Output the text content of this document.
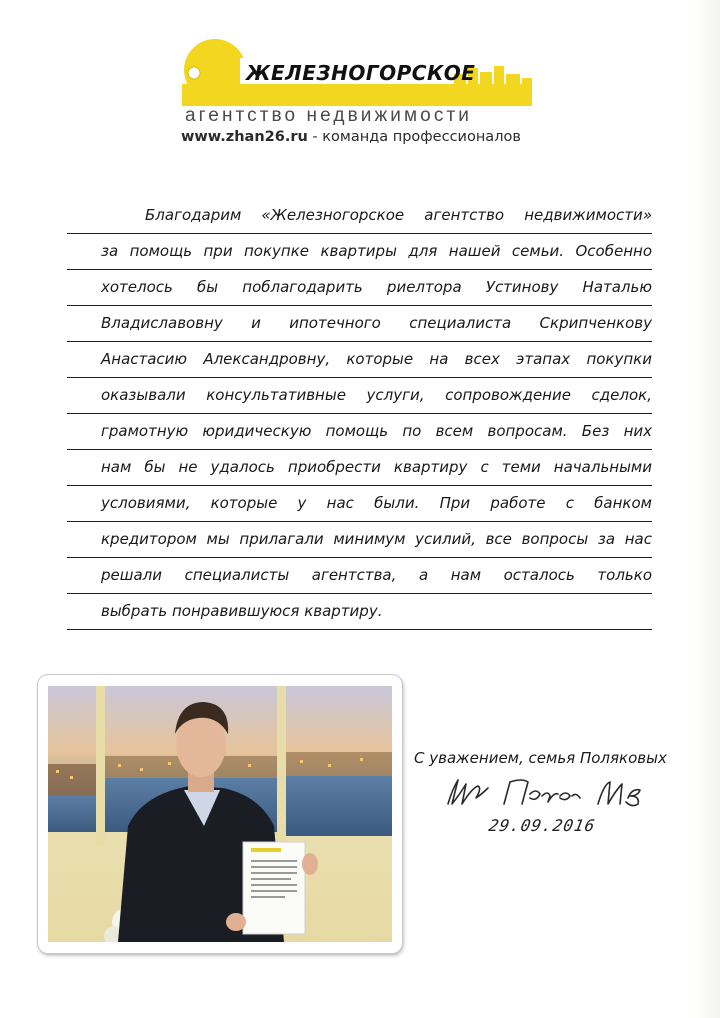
ЖЕЛЕЗНОГОРСКОЕ
агентство недвижимости
www.zhan26.ru - команда профессионалов
Благодарим «Железногорское агентство недвижимости»
за помощь при покупке квартиры для нашей семьи. Особенно
хотелось бы поблагодарить риелтора Устинову Наталью
Владиславовну и ипотечного специалиста Скрипченкову
Анастасию Александровну, которые на всех этапах покупки
оказывали консультативные услуги, сопровождение сделок,
грамотную юридическую помощь по всем вопросам. Без них
нам бы не удалось приобрести квартиру с теми начальными
условиями, которые у нас были. При работе с банком
кредитором мы прилагали минимум усилий, все вопросы за нас
решали специалисты агентства, а нам осталось только
выбрать понравившуюся квартиру.
С уважением, семья Поляковых
29.09.2016
